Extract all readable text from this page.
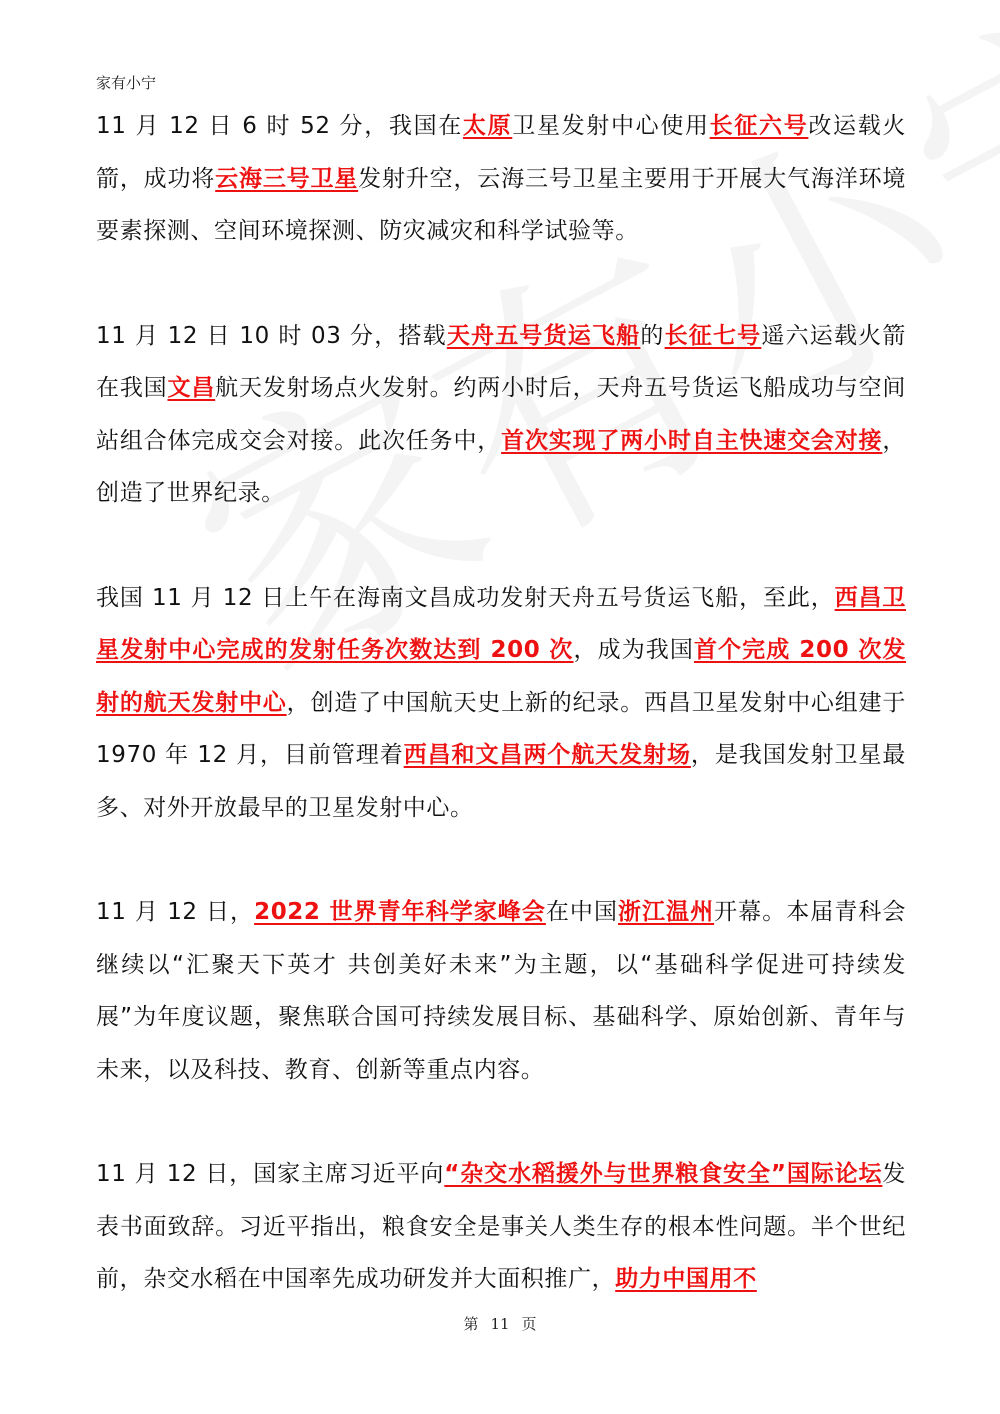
家有小宁

11 月 12 日 6 时 52 分，我国在太原卫星发射中心使用长征六号改运载火箭，成功将云海三号卫星发射升空，云海三号卫星主要用于开展大气海洋环境要素探测、空间环境探测、防灾减灾和科学试验等。

11 月 12 日 10 时 03 分，搭载天舟五号货运飞船的长征七号遥六运载火箭在我国文昌航天发射场点火发射。约两小时后，天舟五号货运飞船成功与空间站组合体完成交会对接。此次任务中，首次实现了两小时自主快速交会对接，创造了世界纪录。

我国 11 月 12 日上午在海南文昌成功发射天舟五号货运飞船，至此，西昌卫星发射中心完成的发射任务次数达到 200 次，成为我国首个完成 200 次发射的航天发射中心，创造了中国航天史上新的纪录。西昌卫星发射中心组建于 1970 年 12 月，目前管理着西昌和文昌两个航天发射场，是我国发射卫星最多、对外开放最早的卫星发射中心。

11 月 12 日，2022 世界青年科学家峰会在中国浙江温州开幕。本届青科会继续以“汇聚天下英才 共创美好未来”为主题，以“基础科学促进可持续发展”为年度议题，聚焦联合国可持续发展目标、基础科学、原始创新、青年与未来，以及科技、教育、创新等重点内容。

11 月 12 日，国家主席习近平向“杂交水稻援外与世界粮食安全”国际论坛发表书面致辞。习近平指出，粮食安全是事关人类生存的根本性问题。半个世纪前，杂交水稻在中国率先成功研发并大面积推广，助力中国用不

第 11 页
